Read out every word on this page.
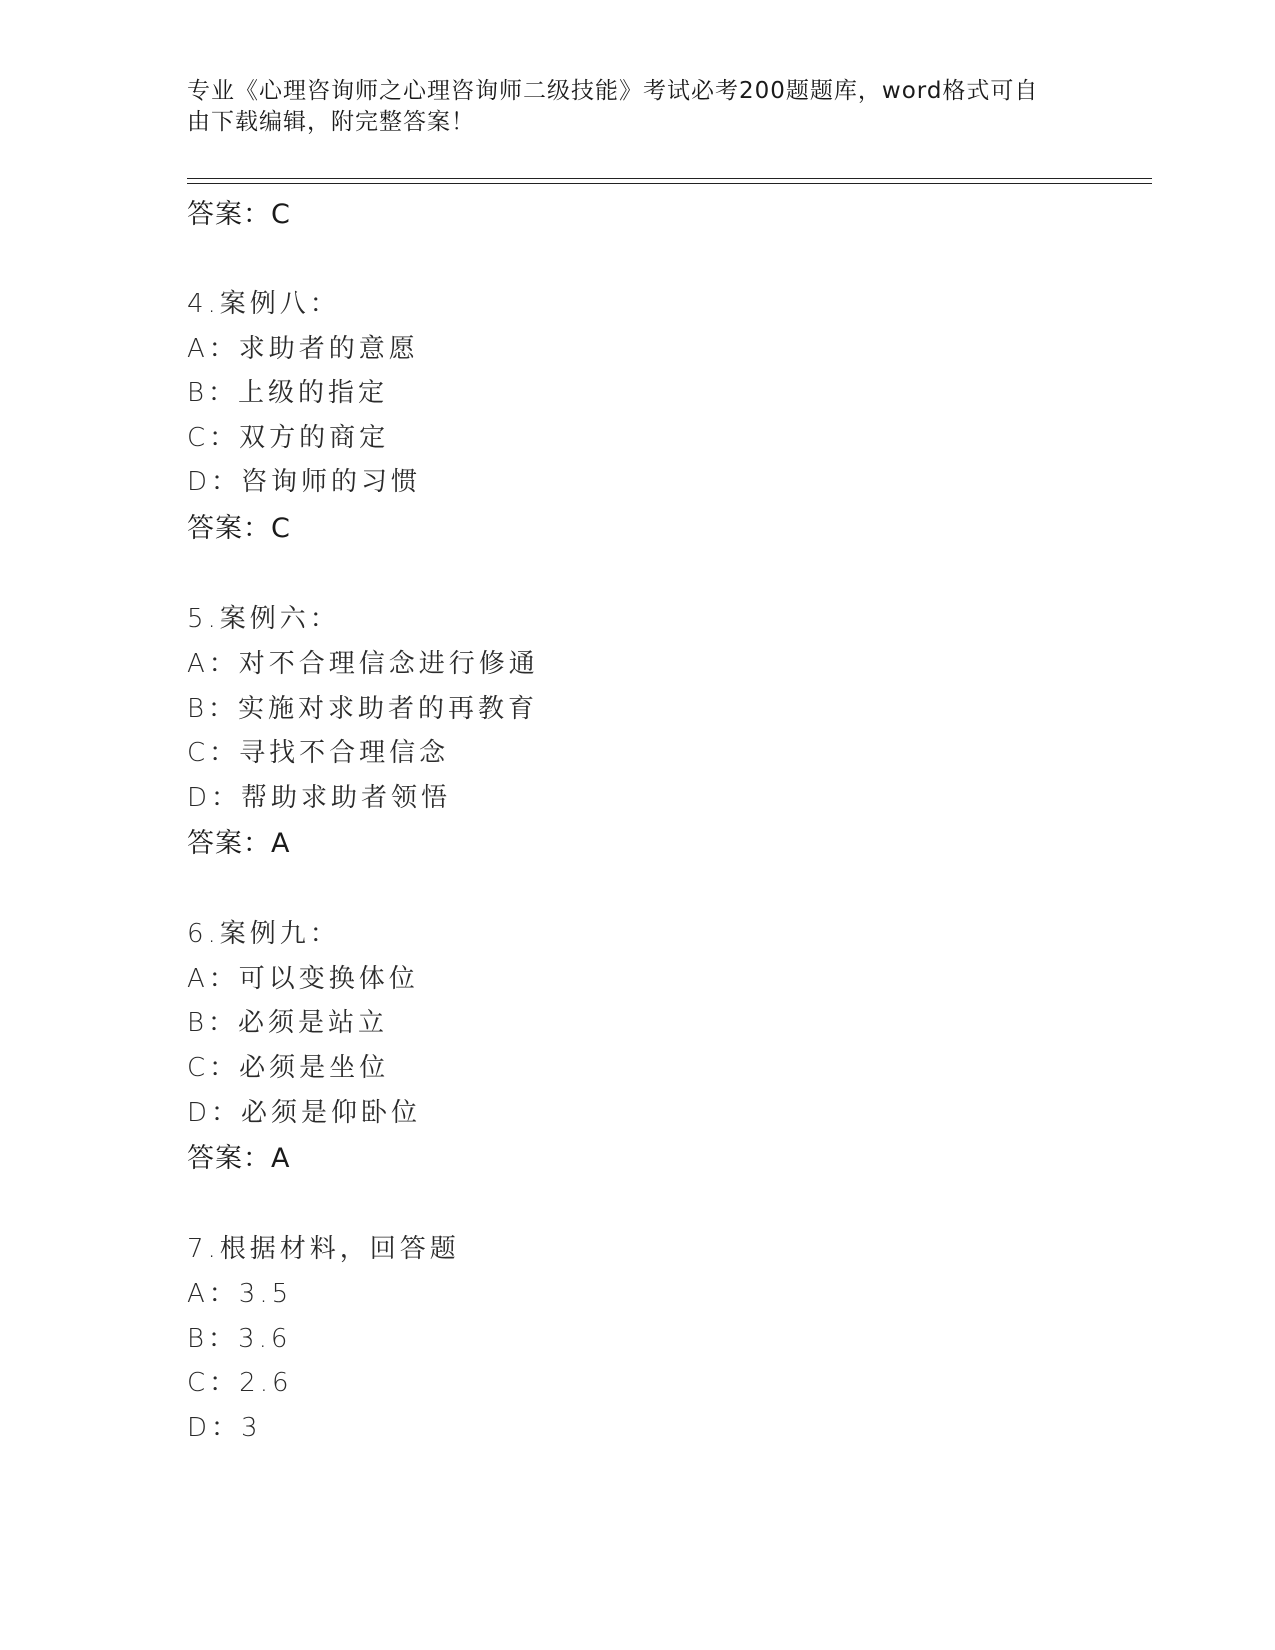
专业《心理咨询师之心理咨询师二级技能》考试必考200题题库，word格式可自
由下载编辑，附完整答案！
答案：C
4.案例八：
A：求助者的意愿
B：上级的指定
C：双方的商定
D：咨询师的习惯
答案：C
5.案例六：
A：对不合理信念进行修通
B：实施对求助者的再教育
C：寻找不合理信念
D：帮助求助者领悟
答案：A
6.案例九：
A：可以变换体位
B：必须是站立
C：必须是坐位
D：必须是仰卧位
答案：A
7.根据材料，回答题
A：3.5
B：3.6
C：2.6
D：3
